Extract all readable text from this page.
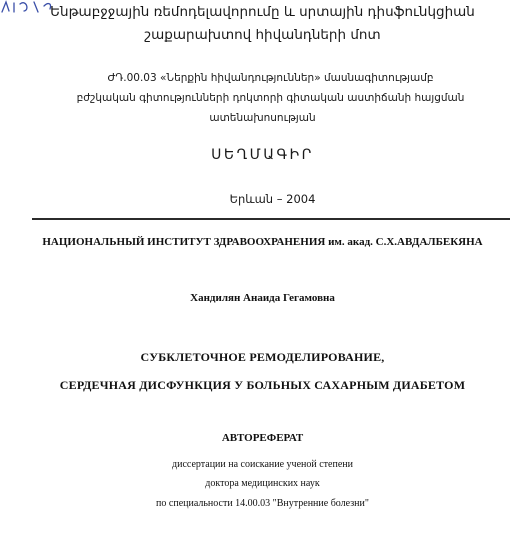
Ենթաբջջային ռեմոդելավորումը և սրտային դիսֆունկցիան
շաքարախտով հիվանդների մոտ
ԺԴ.00.03 «Ներքին հիվանդություններ» մասնագիտությամբ
բժշկական գիտությունների դոկտորի գիտական աստիճանի հայցման
ատենախոսության
ՍԵՂՄԱԳԻՐ
Երևան – 2004
НАЦИОНАЛЬНЫЙ ИНСТИТУТ ЗДРАВООХРАНЕНИЯ им. акад. С.Х.АВДАЛБЕКЯНА
Хандилян Анаида Гегамовна
СУБКЛЕТОЧНОЕ РЕМОДЕЛИРОВАНИЕ,
СЕРДЕЧНАЯ ДИСФУНКЦИЯ У БОЛЬНЫХ САХАРНЫМ ДИАБЕТОМ
АВТОРЕФЕРАТ
диссертации на соискание ученой степени
доктора медицинских наук
по специальности 14.00.03 "Внутренние болезни"
